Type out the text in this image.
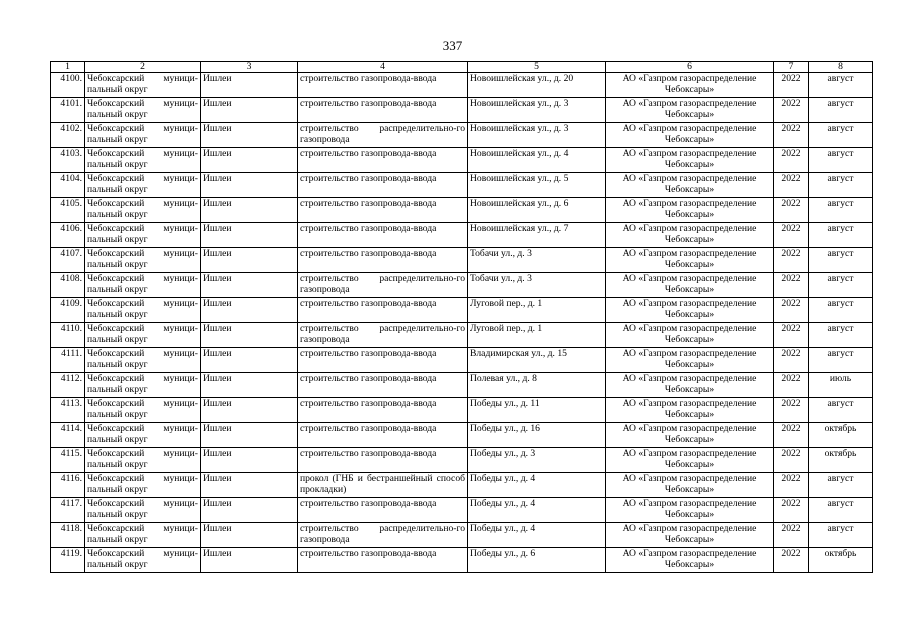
337
1	2	3	4	5	6	7	8
4100.	Чебоксарский муници-пальный округ	Ишлеи	строительство газопровода-ввода	Новоишлейская ул., д. 20	АО «Газпром газораспределение Чебоксары»	2022	август
4101.	Чебоксарский муници-пальный округ	Ишлеи	строительство газопровода-ввода	Новоишлейская ул., д. 3	АО «Газпром газораспределение Чебоксары»	2022	август
4102.	Чебоксарский муници-пальный округ	Ишлеи	строительство распределительно-го газопровода	Новоишлейская ул., д. 3	АО «Газпром газораспределение Чебоксары»	2022	август
4103.	Чебоксарский муници-пальный округ	Ишлеи	строительство газопровода-ввода	Новоишлейская ул., д. 4	АО «Газпром газораспределение Чебоксары»	2022	август
4104.	Чебоксарский муници-пальный округ	Ишлеи	строительство газопровода-ввода	Новоишлейская ул., д. 5	АО «Газпром газораспределение Чебоксары»	2022	август
4105.	Чебоксарский муници-пальный округ	Ишлеи	строительство газопровода-ввода	Новоишлейская ул., д. 6	АО «Газпром газораспределение Чебоксары»	2022	август
4106.	Чебоксарский муници-пальный округ	Ишлеи	строительство газопровода-ввода	Новоишлейская ул., д. 7	АО «Газпром газораспределение Чебоксары»	2022	август
4107.	Чебоксарский муници-пальный округ	Ишлеи	строительство газопровода-ввода	Тобачи ул., д. 3	АО «Газпром газораспределение Чебоксары»	2022	август
4108.	Чебоксарский муници-пальный округ	Ишлеи	строительство распределительно-го газопровода	Тобачи ул., д. 3	АО «Газпром газораспределение Чебоксары»	2022	август
4109.	Чебоксарский муници-пальный округ	Ишлеи	строительство газопровода-ввода	Луговой пер., д. 1	АО «Газпром газораспределение Чебоксары»	2022	август
4110.	Чебоксарский муници-пальный округ	Ишлеи	строительство распределительно-го газопровода	Луговой пер., д. 1	АО «Газпром газораспределение Чебоксары»	2022	август
4111.	Чебоксарский муници-пальный округ	Ишлеи	строительство газопровода-ввода	Владимирская ул., д. 15	АО «Газпром газораспределение Чебоксары»	2022	август
4112.	Чебоксарский муници-пальный округ	Ишлеи	строительство газопровода-ввода	Полевая ул., д. 8	АО «Газпром газораспределение Чебоксары»	2022	июль
4113.	Чебоксарский муници-пальный округ	Ишлеи	строительство газопровода-ввода	Победы ул., д. 11	АО «Газпром газораспределение Чебоксары»	2022	август
4114.	Чебоксарский муници-пальный округ	Ишлеи	строительство газопровода-ввода	Победы ул., д. 16	АО «Газпром газораспределение Чебоксары»	2022	октябрь
4115.	Чебоксарский муници-пальный округ	Ишлеи	строительство газопровода-ввода	Победы ул., д. 3	АО «Газпром газораспределение Чебоксары»	2022	октябрь
4116.	Чебоксарский муници-пальный округ	Ишлеи	прокол (ГНБ и бестраншейный способ прокладки)	Победы ул., д. 4	АО «Газпром газораспределение Чебоксары»	2022	август
4117.	Чебоксарский муници-пальный округ	Ишлеи	строительство газопровода-ввода	Победы ул., д. 4	АО «Газпром газораспределение Чебоксары»	2022	август
4118.	Чебоксарский муници-пальный округ	Ишлеи	строительство распределительно-го газопровода	Победы ул., д. 4	АО «Газпром газораспределение Чебоксары»	2022	август
4119.	Чебоксарский муници-пальный округ	Ишлеи	строительство газопровода-ввода	Победы ул., д. 6	АО «Газпром газораспределение Чебоксары»	2022	октябрь
